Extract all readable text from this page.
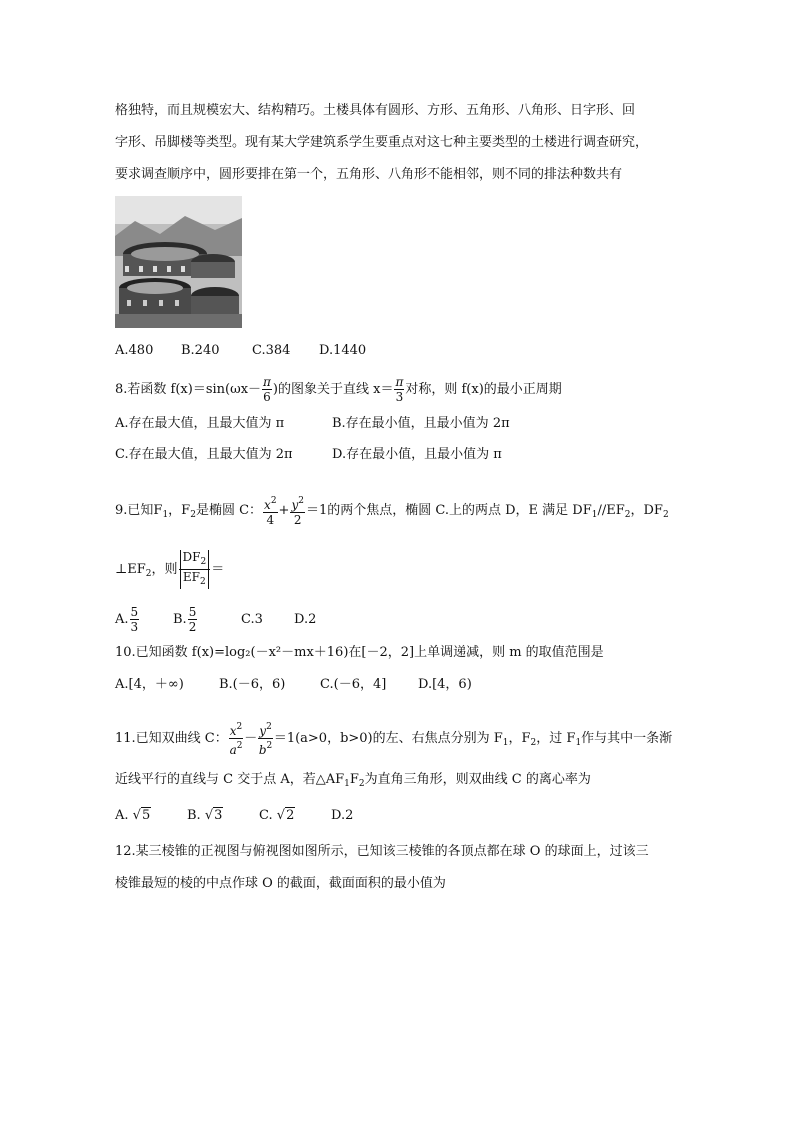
格独特，而且规模宏大、结构精巧。土楼具体有圆形、方形、五角形、八角形、日字形、回
字形、吊脚楼等类型。现有某大学建筑系学生要重点对这七种主要类型的土楼进行调查研究，
要求调查顺序中，圆形要排在第一个，五角形、八角形不能相邻，则不同的排法种数共有
A.480 B.240	C.384 D.1440
8.若函数 $f(x)=\sin(\omega x- \frac{\pi}{6}$ )的图象关于直线 $x= \frac{\pi}{3}$ 对称，则 f(x)的最小正周期
A.存在最大值，且最大值为 π	B.存在最小值，且最小值为 2π
C.存在最大值，且最大值为 2π	D.存在最小值，且最小值为 π
9.已知$F_1$，$F_2$是椭圆 C： $\frac{x^2}{4} + \frac{y^2}{2} =1$的两个焦点，椭圆 C.上的两点 D，E 满足 $DF_1//EF_2$，$DF_2$
$\perp EF_2$，则 $\frac{DF_2}{EF_2}$ ＝
A. $\frac{5}{3}$	B. $\frac{5}{2}$	C.3 D.2
10.已知函数 f(x)=log₂(－x²－mx＋16)在[－2，2]上单调递减，则 m 的取值范围是
A.[4，＋∞)	B.(－6，6)	C.(－6，4] D.[4，6)
11.已知双曲线 C： $\frac{x^2}{a^2} - \frac{y^2}{b^2} =1(a>0$，b>0)的左、右焦点分别为 $F_1$，$F_2$，过 $F_1$作与其中一条渐
近线平行的直线与 C 交于点 A，若$\triangle AF_1F_2$为直角三角形，则双曲线 C 的离心率为
A. √5	B. √3	C. √2	D.2
12.某三棱锥的正视图与俯视图如图所示，已知该三棱锥的各顶点都在球 O 的球面上，过该三
棱锥最短的棱的中点作球 O 的截面，截面面积的最小值为
